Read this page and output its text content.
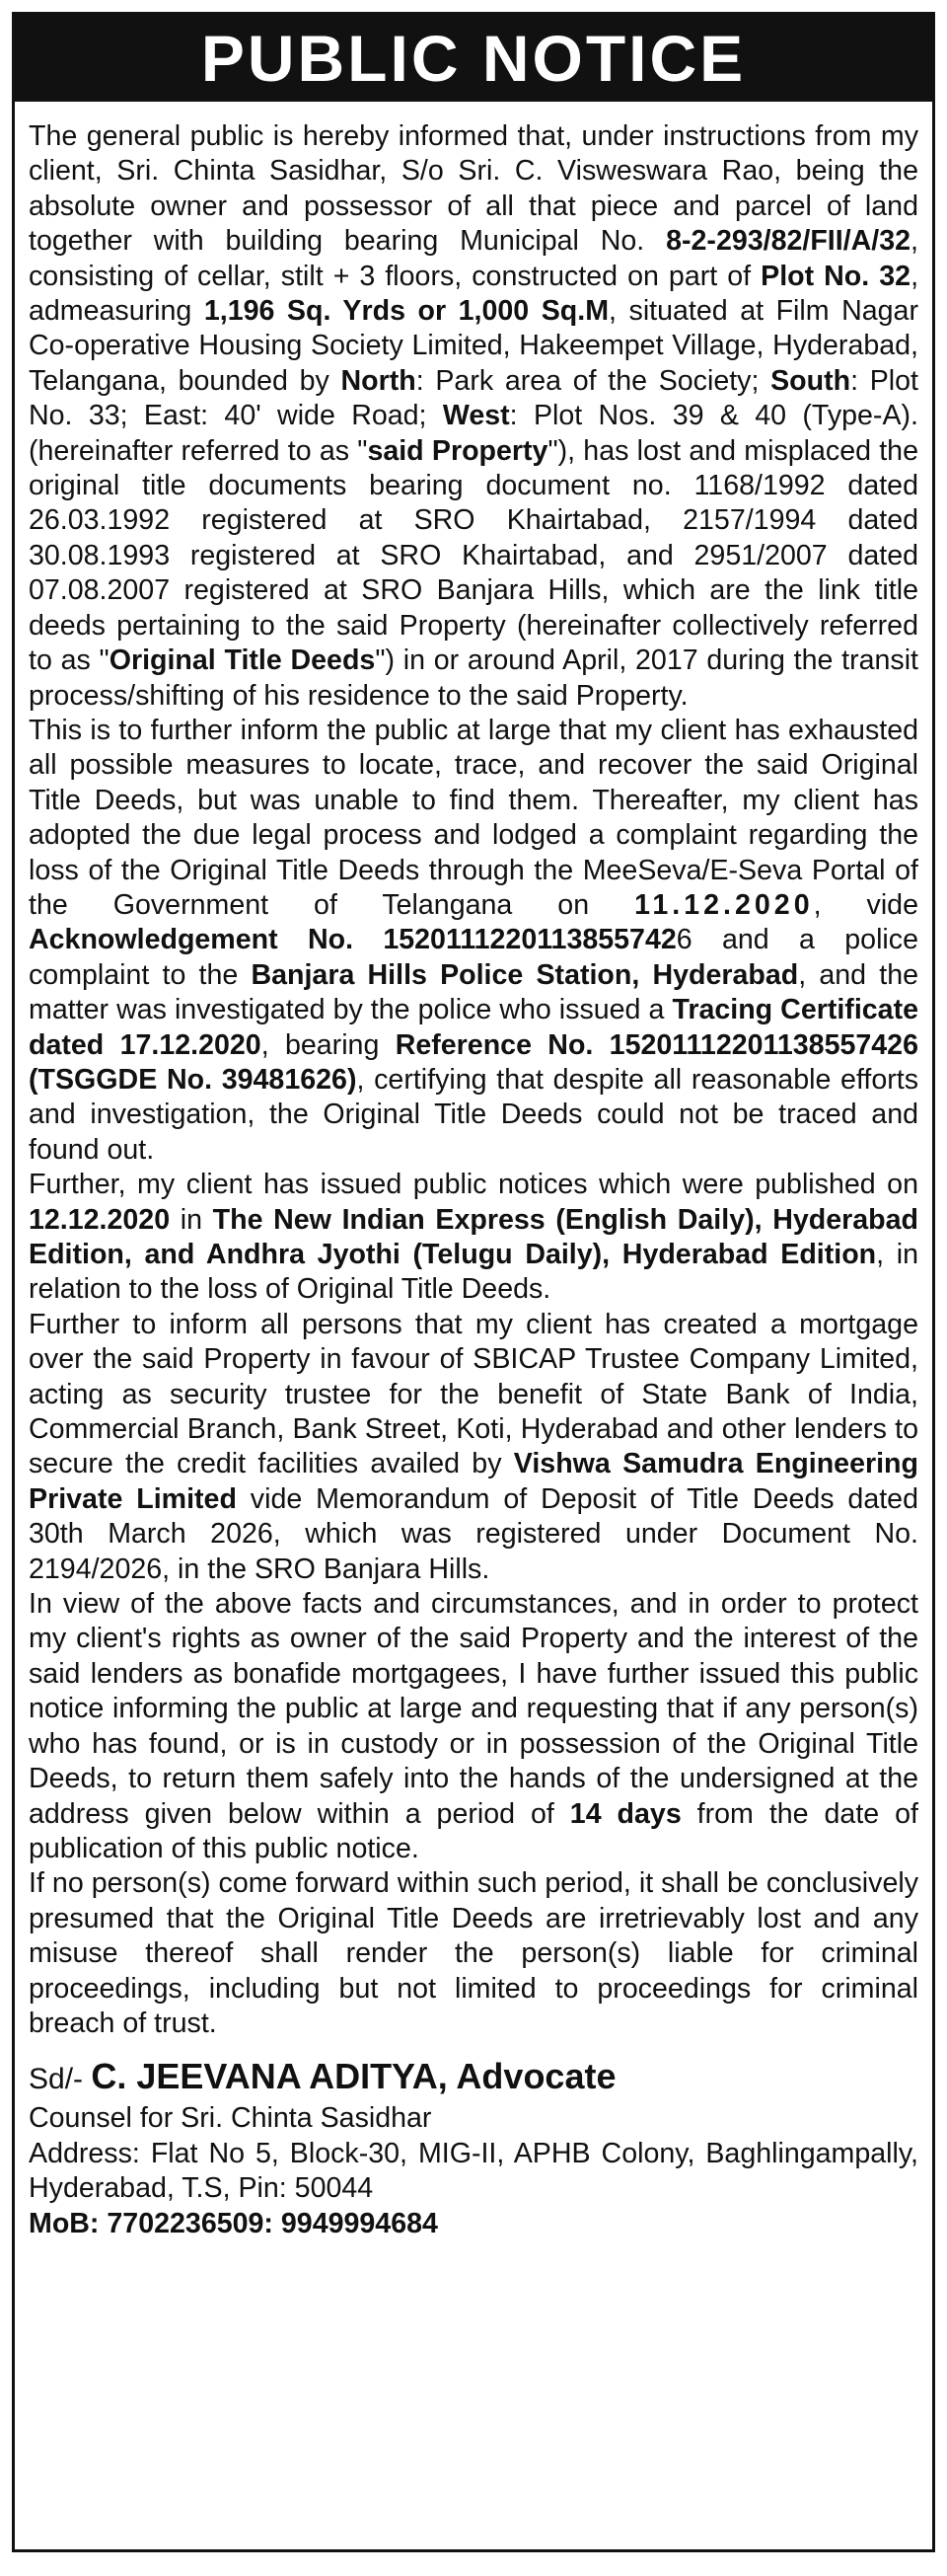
PUBLIC NOTICE

The general public is hereby informed that, under instructions from my client, Sri. Chinta Sasidhar, S/o Sri. C. Visweswara Rao, being the absolute owner and possessor of all that piece and parcel of land together with building bearing Municipal No. 8-2-293/82/FII/A/32, consisting of cellar, stilt + 3 floors, constructed on part of Plot No. 32, admeasuring 1,196 Sq. Yrds or 1,000 Sq.M, situated at Film Nagar Co-operative Housing Society Limited, Hakeempet Village, Hyderabad, Telangana, bounded by North: Park area of the Society; South: Plot No. 33; East: 40' wide Road; West: Plot Nos. 39 & 40 (Type-A). (hereinafter referred to as "said Property"), has lost and misplaced the original title documents bearing document no. 1168/1992 dated 26.03.1992 registered at SRO Khairtabad, 2157/1994 dated 30.08.1993 registered at SRO Khairtabad, and 2951/2007 dated 07.08.2007 registered at SRO Banjara Hills, which are the link title deeds pertaining to the said Property (hereinafter collectively referred to as "Original Title Deeds") in or around April, 2017 during the transit process/shifting of his residence to the said Property.

This is to further inform the public at large that my client has exhausted all possible measures to locate, trace, and recover the said Original Title Deeds, but was unable to find them. Thereafter, my client has adopted the due legal process and lodged a complaint regarding the loss of the Original Title Deeds through the MeeSeva/E-Seva Portal of the Government of Telangana on 11.12.2020, vide Acknowledgement No. 15201112201138557426 and a police complaint to the Banjara Hills Police Station, Hyderabad, and the matter was investigated by the police who issued a Tracing Certificate dated 17.12.2020, bearing Reference No. 15201112201138557426 (TSGGDE No. 39481626), certifying that despite all reasonable efforts and investigation, the Original Title Deeds could not be traced and found out.

Further, my client has issued public notices which were published on 12.12.2020 in The New Indian Express (English Daily), Hyderabad Edition, and Andhra Jyothi (Telugu Daily), Hyderabad Edition, in relation to the loss of Original Title Deeds.

Further to inform all persons that my client has created a mortgage over the said Property in favour of SBICAP Trustee Company Limited, acting as security trustee for the benefit of State Bank of India, Commercial Branch, Bank Street, Koti, Hyderabad and other lenders to secure the credit facilities availed by Vishwa Samudra Engineering Private Limited vide Memorandum of Deposit of Title Deeds dated 30th March 2026, which was registered under Document No. 2194/2026, in the SRO Banjara Hills.

In view of the above facts and circumstances, and in order to protect my client's rights as owner of the said Property and the interest of the said lenders as bonafide mortgagees, I have further issued this public notice informing the public at large and requesting that if any person(s) who has found, or is in custody or in possession of the Original Title Deeds, to return them safely into the hands of the undersigned at the address given below within a period of 14 days from the date of publication of this public notice.

If no person(s) come forward within such period, it shall be conclusively presumed that the Original Title Deeds are irretrievably lost and any misuse thereof shall render the person(s) liable for criminal proceedings, including but not limited to proceedings for criminal breach of trust.

Sd/- C. JEEVANA ADITYA, Advocate
Counsel for Sri. Chinta Sasidhar
Address: Flat No 5, Block-30, MIG-II, APHB Colony, Baghlingampally, Hyderabad, T.S, Pin: 50044
MoB: 7702236509: 9949994684
